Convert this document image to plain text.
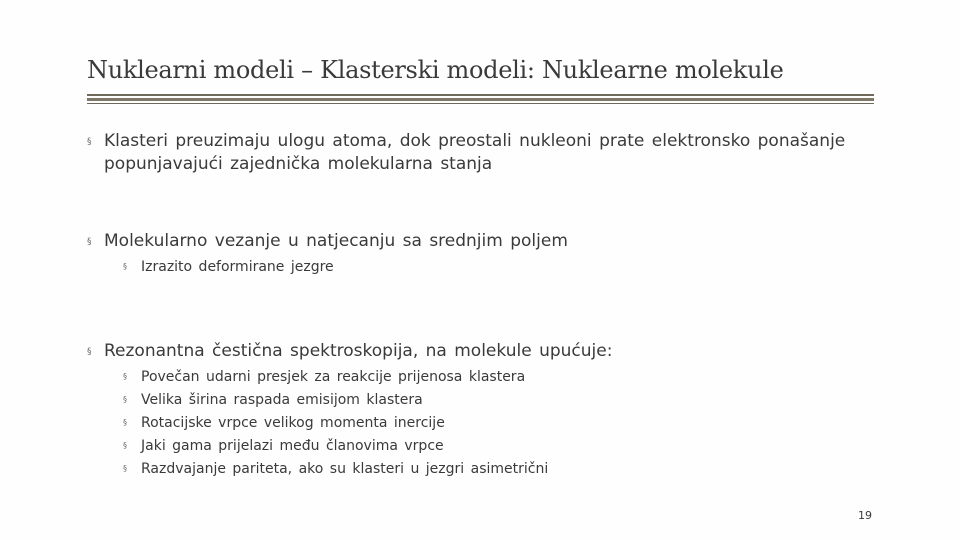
Nuklearni modeli – Klasterski modeli: Nuklearne molekule
§ Klasteri preuzimaju ulogu atoma, dok preostali nukleoni prate elektronsko ponašanje popunjavajući zajednička molekularna stanja
§ Molekularno vezanje u natjecanju sa srednjim poljem
§	Izrazito deformirane jezgre
§ Rezonantna čestična spektroskopija, na molekule upućuje:
§	Povečan udarni presjek za reakcije prijenosa klastera
§	Velika širina raspada emisijom klastera
§	Rotacijske vrpce velikog momenta inercije
§	Jaki gama prijelazi među članovima vrpce
§	Razdvajanje pariteta, ako su klasteri u jezgri asimetrični
19
